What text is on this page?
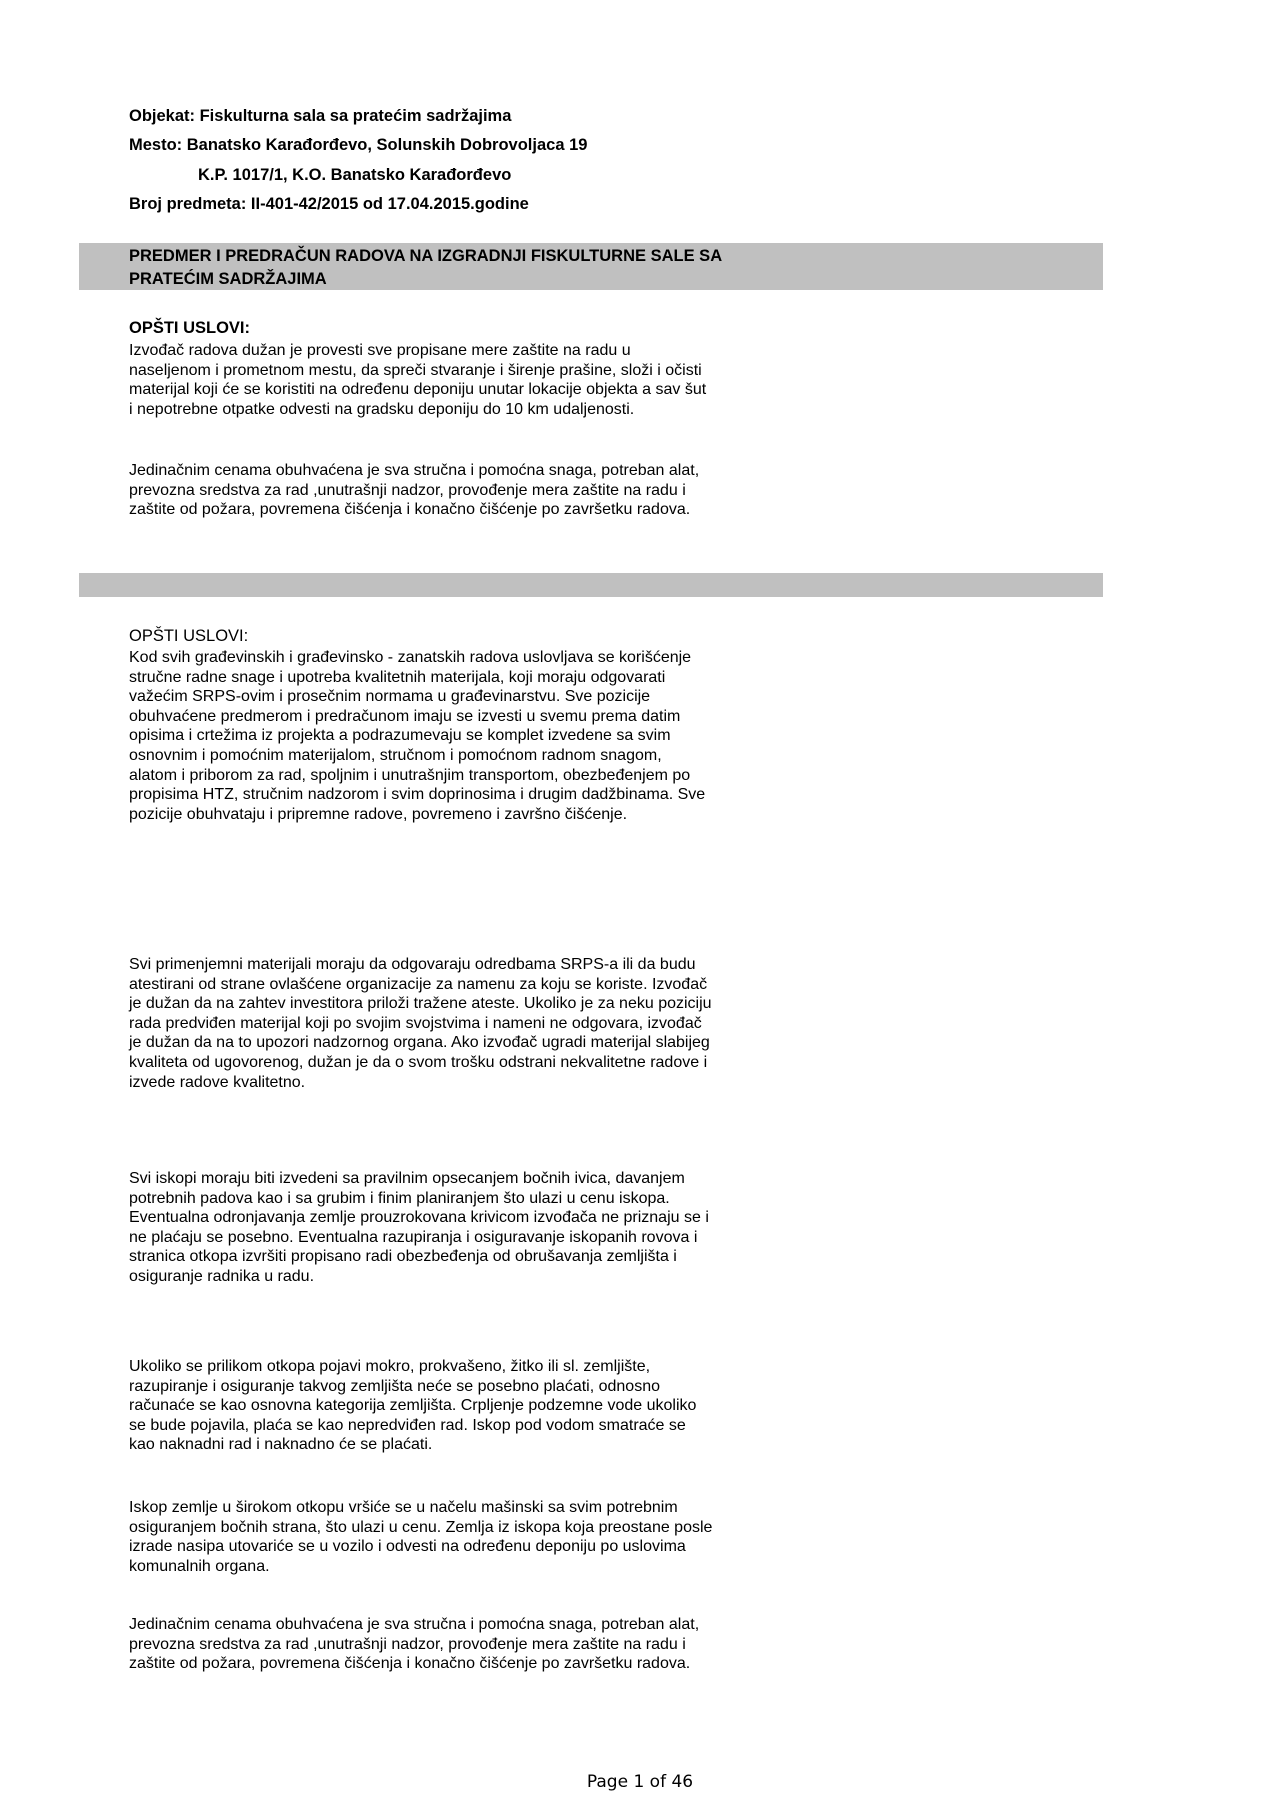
Objekat: Fiskulturna sala sa pratećim sadržajima
Mesto: Banatsko Karađorđevo, Solunskih Dobrovoljaca 19
K.P. 1017/1, K.O. Banatsko Karađorđevo
Broj predmeta: II-401-42/2015 od 17.04.2015.godine
PREDMER I PREDRAČUN RADOVA NA IZGRADNJI FISKULTURNE SALE SA PRATEĆIM SADRŽAJIMA
OPŠTI USLOVI:
Izvođač radova dužan je provesti sve propisane mere zaštite na radu u naseljenom i prometnom mestu, da spreči stvaranje i širenje prašine, složi i očisti materijal koji će se koristiti na određenu deponiju unutar lokacije objekta a sav šut i nepotrebne otpatke odvesti na gradsku deponiju do 10 km udaljenosti.
Jedinačnim cenama obuhvaćena je sva stručna i pomoćna snaga, potreban alat, prevozna sredstva za rad ,unutrašnji nadzor, provođenje mera zaštite na radu i zaštite od požara, povremena čišćenja i konačno čišćenje po završetku radova.
OPŠTI USLOVI:
Kod svih građevinskih i građevinsko - zanatskih radova uslovljava se korišćenje stručne radne snage i upotreba kvalitetnih materijala, koji moraju odgovarati važećim SRPS-ovim i prosečnim normama u građevinarstvu. Sve pozicije obuhvaćene predmerom i predračunom imaju se izvesti u svemu prema datim opisima i crtežima iz projekta a podrazumevaju se komplet izvedene sa svim osnovnim i pomoćnim materijalom, stručnom i pomoćnom radnom snagom, alatom i priborom za rad, spoljnim i unutrašnjim transportom, obezbeđenjem po propisima HTZ, stručnim nadzorom i svim doprinosima i drugim dadžbinama. Sve pozicije obuhvataju i pripremne radove, povremeno i završno čišćenje.
Svi primenjemni materijali moraju da odgovaraju odredbama SRPS-a ili da budu atestirani od strane ovlašćene organizacije za namenu za koju se koriste. Izvođač je dužan da na zahtev investitora priloži tražene ateste. Ukoliko je za neku poziciju rada predviđen materijal koji po svojim svojstvima i nameni ne odgovara, izvođač je dužan da na to upozori nadzornog organa. Ako izvođač ugradi materijal slabijeg kvaliteta od ugovorenog, dužan je da o svom trošku odstrani nekvalitetne radove i izvede radove kvalitetno.
Svi iskopi moraju biti izvedeni sa pravilnim opsecanjem bočnih ivica, davanjem potrebnih padova kao i sa grubim i finim planiranjem što ulazi u cenu iskopa. Eventualna odronjavanja zemlje prouzrokovana krivicom izvođača ne priznaju se i ne plaćaju se posebno. Eventualna razupiranja i osiguravanje iskopanih rovova i stranica otkopa izvršiti propisano radi obezbeđenja od obrušavanja zemljišta i osiguranje radnika u radu.
Ukoliko se prilikom otkopa pojavi mokro, prokvašeno, žitko ili sl. zemljište, razupiranje i osiguranje takvog zemljišta neće se posebno plaćati, odnosno računaće se kao osnovna kategorija zemljišta. Crpljenje podzemne vode ukoliko se bude pojavila, plaća se kao nepredviđen rad. Iskop pod vodom smatraće se kao naknadni rad i naknadno će se plaćati.
Iskop zemlje u širokom otkopu vršiće se u načelu mašinski sa svim potrebnim osiguranjem bočnih strana, što ulazi u cenu. Zemlja iz iskopa koja preostane posle izrade nasipa utovariće se u vozilo i odvesti na određenu deponiju po uslovima komunalnih organa.
Jedinačnim cenama obuhvaćena je sva stručna i pomoćna snaga, potreban alat, prevozna sredstva za rad ,unutrašnji nadzor, provođenje mera zaštite na radu i zaštite od požara, povremena čišćenja i konačno čišćenje po završetku radova.
Page 1 of 46
